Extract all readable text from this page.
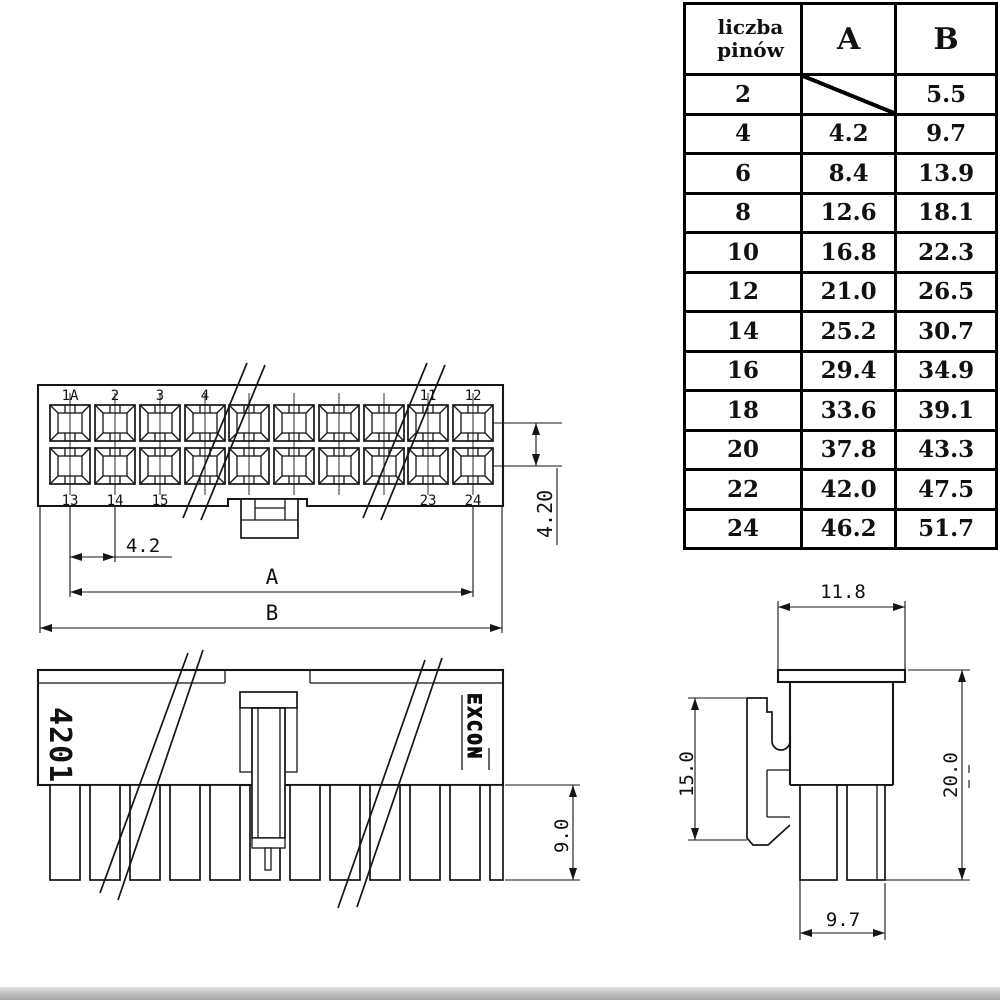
1A 2	3	4	11 12
13 14 15	23 24	4.20
4.2
A
B
4201	EXCON
9.0
11.8
15.0	20.0
9.7
liczba
pinów	A	B
2		5.5
4	4.2	9.7
6	8.4	13.9
8	12.6	18.1
10	16.8	22.3
12	21.0	26.5
14	25.2	30.7
16	29.4	34.9
18	33.6	39.1
20	37.8	43.3
22	42.0	47.5
24	46.2	51.7
